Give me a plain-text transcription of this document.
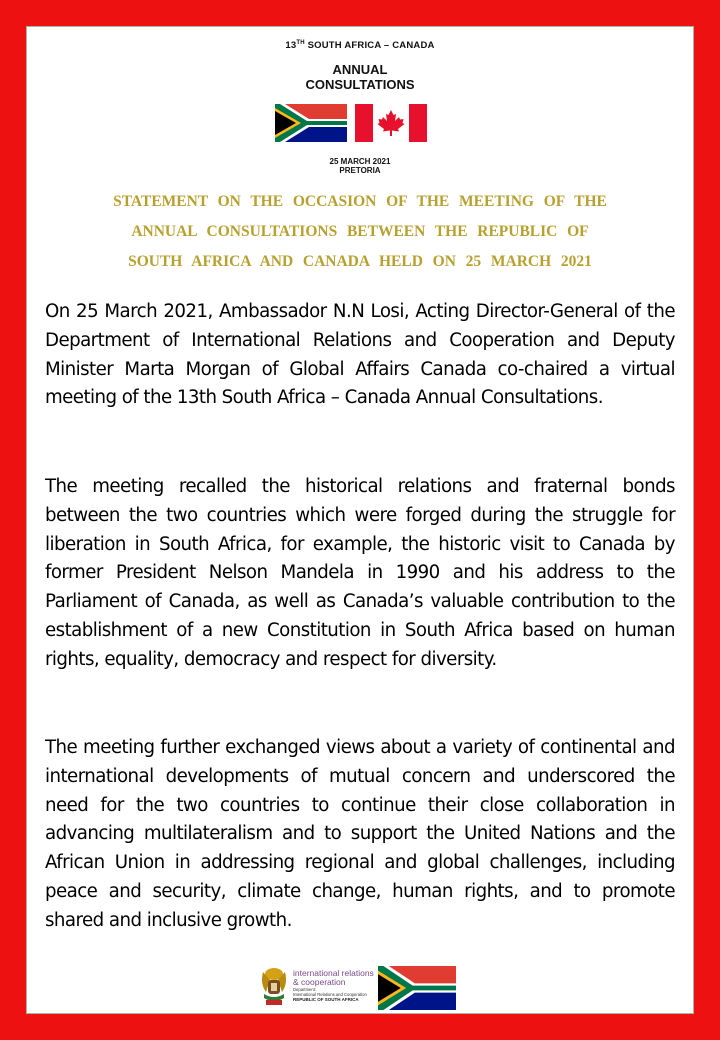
13TH SOUTH AFRICA – CANADA
ANNUAL
CONSULTATIONS
25 MARCH 2021
PRETORIA
STATEMENT  ON  THE  OCCASION  OF  THE  MEETING  OF  THE
ANNUAL  CONSULTATIONS  BETWEEN  THE  REPUBLIC  OF
SOUTH  AFRICA  AND  CANADA  HELD  ON  25  MARCH  2021

On 25 March 2021, Ambassador N.N Losi, Acting Director-General of the Department of International Relations and Cooperation and Deputy Minister Marta Morgan of Global Affairs Canada co-chaired a virtual meeting of the 13th South Africa – Canada Annual Consultations.

The meeting recalled the historical relations and fraternal bonds between the two countries which were forged during the struggle for liberation in South Africa, for example, the historic visit to Canada by former President Nelson Mandela in 1990 and his address to the Parliament of Canada, as well as Canada’s valuable contribution to the establishment of a new Constitution in South Africa based on human rights, equality, democracy and respect for diversity.

The meeting further exchanged views about a variety of continental and international developments of mutual concern and underscored the need for the two countries to continue their close collaboration in advancing multilateralism and to support the United Nations and the African Union in addressing regional and global challenges, including peace and security, climate change, human rights, and to promote shared and inclusive growth.

international relations
& cooperation
Department:
International Relations and Cooperation
REPUBLIC OF SOUTH AFRICA
